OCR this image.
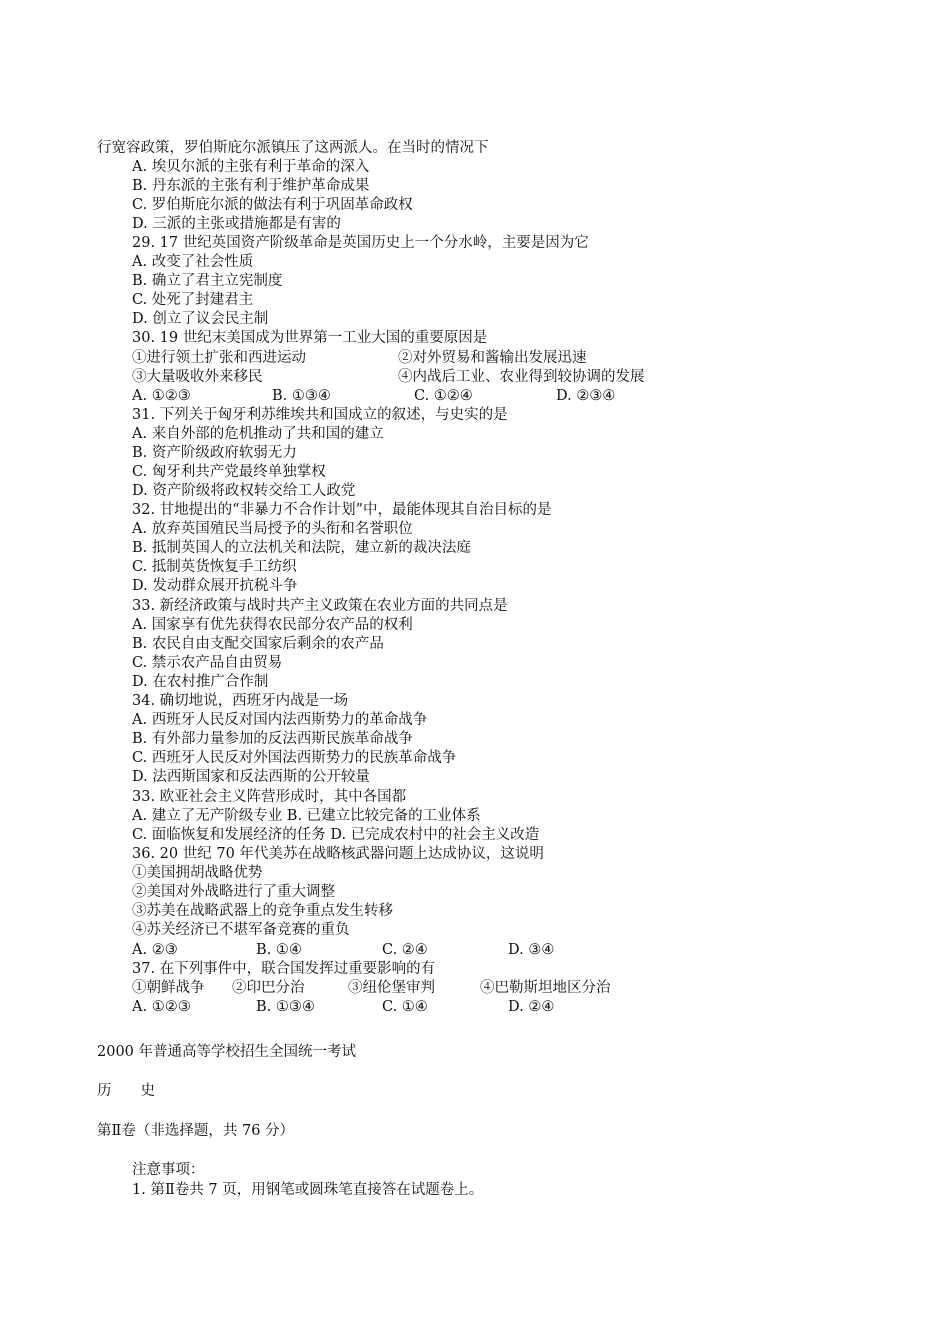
行宽容政策，罗伯斯庇尔派镇压了这两派人。在当时的情况下
A. 埃贝尔派的主张有利于革命的深入
B. 丹东派的主张有利于维护革命成果
C. 罗伯斯庇尔派的做法有利于巩固革命政权
D. 三派的主张或措施都是有害的
29. 17 世纪英国资产阶级革命是英国历史上一个分水岭，主要是因为它
A. 改变了社会性质
B. 确立了君主立宪制度
C. 处死了封建君主
D. 创立了议会民主制
30. 19 世纪末美国成为世界第一工业大国的重要原因是
①进行领土扩张和西进运动	②对外贸易和酱输出发展迅速
③大量吸收外来移民	④内战后工业、农业得到较协调的发展
A. ①②③	B. ①③④	C. ①②④	D. ②③④
31. 下列关于匈牙利苏维埃共和国成立的叙述，与史实的是
A. 来自外部的危机推动了共和国的建立
B. 资产阶级政府软弱无力
C. 匈牙利共产党最终单独掌权
D. 资产阶级将政权转交给工人政党
32. 甘地提出的“非暴力不合作计划”中，最能体现其自治目标的是
A. 放弃英国殖民当局授予的头衔和名誉职位
B. 抵制英国人的立法机关和法院，建立新的裁决法庭
C. 抵制英货恢复手工纺织
D. 发动群众展开抗税斗争
33. 新经济政策与战时共产主义政策在农业方面的共同点是
A. 国家享有优先获得农民部分农产品的权利
B. 农民自由支配交国家后剩余的农产品
C. 禁示农产品自由贸易
D. 在农村推广合作制
34. 确切地说，西班牙内战是一场
A. 西班牙人民反对国内法西斯势力的革命战争
B. 有外部力量参加的反法西斯民族革命战争
C. 西班牙人民反对外国法西斯势力的民族革命战争
D. 法西斯国家和反法西斯的公开较量
33. 欧亚社会主义阵营形成时，其中各国都
A. 建立了无产阶级专业 B. 已建立比较完备的工业体系
C. 面临恢复和发展经济的任务 D. 已完成农村中的社会主义改造
36. 20 世纪 70 年代美苏在战略核武器问题上达成协议，这说明
①美国拥胡战略优势
②美国对外战略进行了重大调整
③苏美在战略武器上的竞争重点发生转移
④苏关经济已不堪军备竞赛的重负
A. ②③	B. ①④	C. ②④	D. ③④
37. 在下列事件中，联合国发挥过重要影响的有
①朝鲜战争 ②印巴分治	③纽伦堡审判	④巴勒斯坦地区分治
A. ①②③	B. ①③④	C. ①④	D. ②④
2000 年普通高等学校招生全国统一考试
历　　史
第Ⅱ卷（非选择题，共 76 分）
注意事项：
1. 第Ⅱ卷共 7 页，用钢笔或圆珠笔直接答在试题卷上。
